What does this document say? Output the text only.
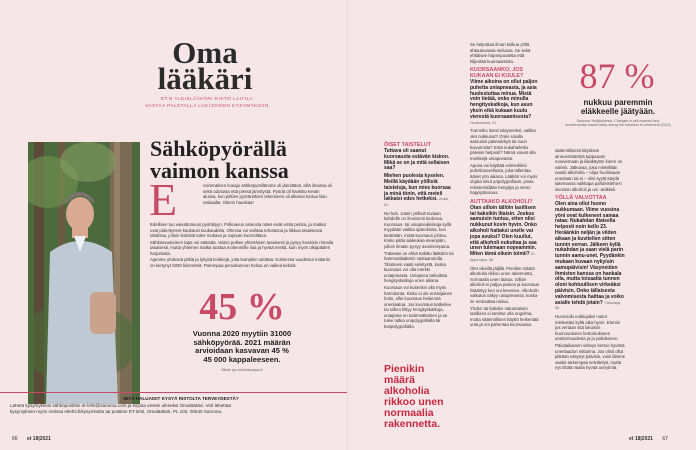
Oma
lääkäri
ET:N YLEISLÄÄKÄRI RISTO LAITILA
VASTAA PALSTALLA LUKIJOIDEN KYSYMYKSIIN
Sähköpyörällä
vaimon kanssa
E	nsimmäinen koeajo sähköpyörillämme oli jännittävä, sillä ilmassa oli sekä odotusta että pientä jännitystä. Pyörät oli hankittu kesän alussa, kun pitkien pyöräretkien tekeminen oli alkanut tuntua liian raskaalta. Oikein hauskaa!

Edellisen tuo vaivattomuus pyöräilyyn. Polkuavun ansiosta mäet eivät enää pelota, ja matkat ovat pidentyneet kuukausi kuukaudelta. Ohessa voi vaihtaa tehotasoa ja liikkua tasaisessa tahdissa, jolloin lenkistä tulee mukava ja sopivan kuormittava.

Sähköavusteinen tapa voi säästää. Vaimo polkee yhtenäisen tasaisesti ja pysyy kesäisin rinnalla tasaisesti, mutta yhteinen matka tuottaa molemmille iloa ja hyvää mieltä, kuin myös olkapäiden harjoitusta.

Ajamme yhdessä pitkiä ja lyhyitä lenkkejä, joita kumpikin odottaa. Kolmessa vuodessa mittariin on kertynyt 5000 kilometriä. Parempaa peruskunnon hoitoa on vaikea keksiä.

45 %
Vuonna 2020 myytiin 31000
sähköpyörää. 2021 määrän
arvioidaan kasvavan 45 %
45 000 kappaleeseen.
Mistä: pp.urheilukauppa.fi
MITÄ HALUAISIT KYSYÄ RISTOLTA TERVEYDESTÄ?
Lähetä kysymyksesi sähköpostitse et-lehti@sanoma.com ja kirjoita viestin aiheeksi Omalääkäri. Voit lähettää
kysymyksen myös netissä etlehti.fi/kysyristolta tai postitse ET-lehti, Omalääkäri, PL 100, 00040 Sanoma.
66 et 18|2021
ÖISET TAISTELUT
Tuttava oli saanut kuorsausta estävän kiskon. Mikä se on ja mitä sellaisen saa?
Miehen puolesta kyselen. Meillä käydään yöllisiä taisteluja, kun mies kuorsaa ja minä tönin, että meteli lakkaisi edes hetkeksi. Anita, 61

No huh. Jotain yöllisiä toviaan kahdelle on ilmeisesti tiedossa. Kuorsaus- tai uniapneakiskoja kyllä myydään vaikka apteekissa, kun tiedetään, mistä kuorsaus johtuu. Kisko pitää alaleukaa eteenpäin, jolloin ilmatie pysyy avoimempana.

Tuttavasi on ehkä tutkittu lääkärin tai hammaslääkärin vastaanotolla. Tilanteesi vaatii selvitystä, koska kuorsaus voi olla merkki uniapneasta. Uniapnea tarkoittaa hengityskatkoja unen aikana.

Kuorsaus voi kuitenkin olla myös harmitonta. Kisko ei ole ensisijainen hoito, ellei kuorsaus heikennä unenlaatua. Jos kuorsaus katkeilee tai siihen liittyy hengityskatkoja, uniapnea on todennäköinen ja se tulee tutkia unipolygrafialla tai kotipolygrafialla.

Pienikin määrä alkoholia rikkoo unen normaalia rakennetta.

Se helpottaa ilman kulkua yöllä ahtautuvassa nielussa. Se sekä ehkäisee hapenpuutetta että hiljentää kuorsaamista.

KUORSAANKO, JOS KUKAAN EI KUULE?
Viime aikoina on ollut paljon puhetta uniapneasta, ja asia huolestuttaa minua. Mistä voin tietää, onko minulla hengityskatkoja, kun asun yksin eikä kukaan kuulu vierestä kuorsaamisesta? Huolestunut, 67

Tunnetko itsesi väsyneeksi, vaikka olet nukkunut? Onko sinulla aamuisin päänsärkyä tai suun kuivumista? Entä nukahteletko päivisin helposti? Nämä voivat olla merkkejä uniapneasta.

Apuna voi käyttää esimerkiksi puhelinsovellusta, joka tallentaa äänet yön aikana. Lääkäri voi myös ohjata sinut yöpolygrafiaan, jossa rekisteröidään hengitys ja veren happipitoisuus.

AUTTAAKO ALKOHOLI?
Otan silloin tällöin lasillisen tai kaksikin iltaisin. Joskus aamuisin tuntuu, etten olisi nukkunut kovin hyvin. Onko alkoholi haitaksi unelle vai jopa avuksi? Olen kuullut, että alkoholi nukuttaa ja saa unen tulemaan nopeammin. Miten tämä oikein toimii? El tippa tapa, 58

Olet oikeilla jäljillä. Pienikin määrä alkoholia rikkoo unen rakennetta, normaalia unen laatua. Silloin alkoholi ei paljoa painoa ja kuorsaus lisääntyy kun uni kevenee. Alkoholin vaikutus näkyy uniapneassa, koska se rentouttaa nielua.

Yhden tai kahden satunnaisen lasillisen ei tarvitse olla ongelma, mutta säännöllinen käyttö heikentää unta ja voi pahentaa kuorsausta.

87 %
nukkuu paremmin
eläkkeelle jäätyään.
Sanoma: Hyllytutkimus. Changes in self-reported and accelerometer-based sleep during the transition to retirement (2022)

säännöllisesti käytössä aineosmääränä tuppaavat mouvemaan ja liikakäytön kierre on valmis. Jatkuvaa, joka mielellään nauttii alkoholia – olipa huolissaan unestaan tai ei – olisi syytä käydä lukemassa vaikkapa pahdeislehti-II sivuston alkoholi ja uni -artikkeli.

YÖLLÄ VALVOTTAA
Olen aina ollut huono nukkumaan. Viime vuosina yöni ovat kulkeneet samaa rataa: Nukahdan iltaisella helposti noin kello 23. Heräänkin neljän ja viiden aikaan ja kuvitellen sitten tunnin verran. Jälkeen kyllä nukahdan ja saan vielä parin tunnin aamu-unet. Pyydänkin mukaan kuvaan nykyisin aamupäivisin! Väsyneiden ihmisten kanssa on hankala olla, mutta toisaalta tunnen oloni kohtuullisen virkeäksi päivisin. Onko tällaisesta valvomisesta haittaa ja voiko asialle tehdä jotain? Yölaulaja, 55

Huomioiki nukkujaksi nukut mielestäni kyllä aika hyvin. Eteniin jos vertaan sitä lukuisiin huonouniseen kertomukseen unettomuudesta ja ja pahdeseen.

Päiväaikainen virkeys kertoo hyvänä unenlaadun mittarina. Jos olisit ollut pitkään väsynyt päivisin, voisi tilanne vaatia tarkempaa selvittelyä, mutta nyt riittää vaalia hyvää unirytmiä.

et 18|2021 67
